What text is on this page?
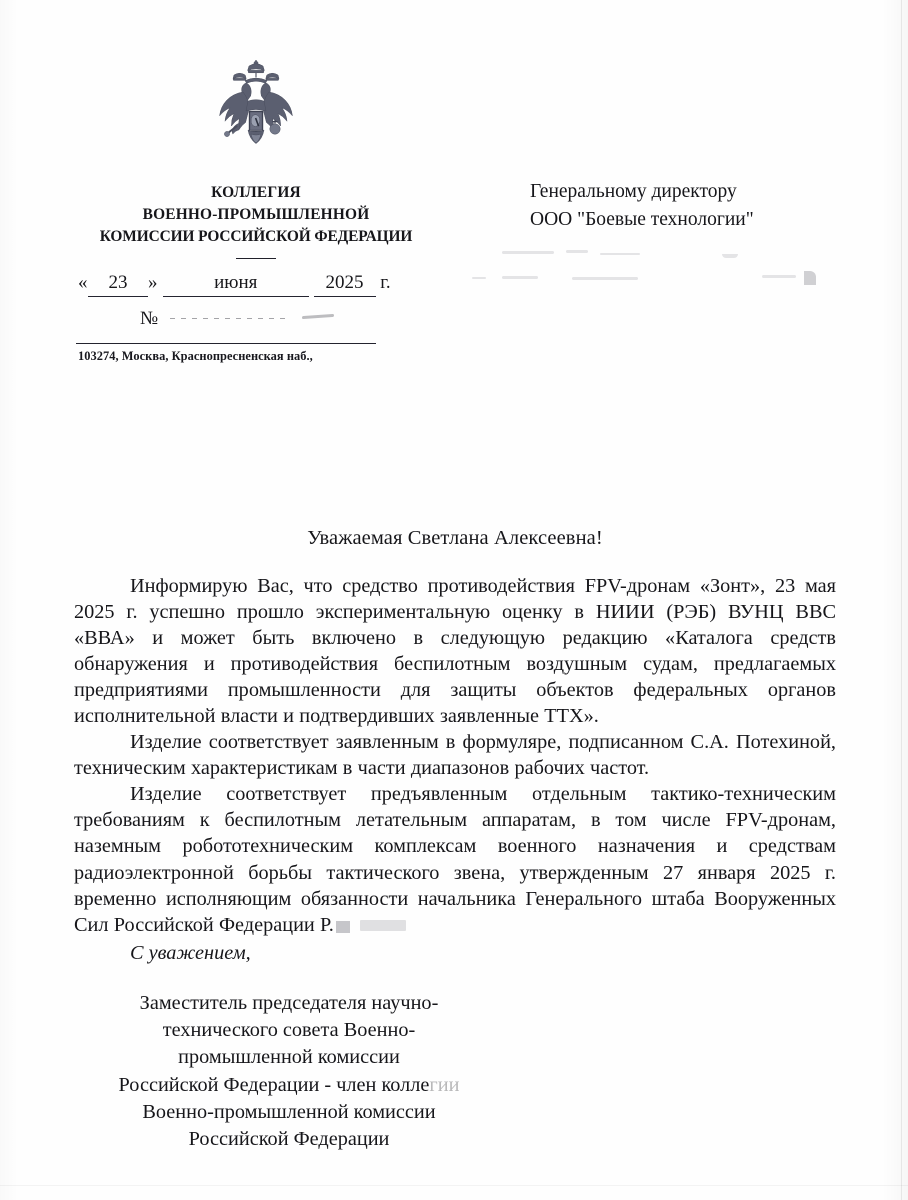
КОЛЛЕГИЯ
ВОЕННО-ПРОМЫШЛЕННОЙ
КОМИССИИ РОССИЙСКОЙ ФЕДЕРАЦИИ
« 23 »	июня	2025 г.
№
103274, Москва, Краснопресненская наб.,
Генеральному директору
ООО "Боевые технологии"
Уважаемая Светлана Алексеевна!

Информирую Вас, что средство противодействия FPV-дронам «Зонт», 23 мая 2025 г. успешно прошло экспериментальную оценку в НИИИ (РЭБ) ВУНЦ ВВС «ВВА» и может быть включено в следующую редакцию «Каталога средств обнаружения и противодействия беспилотным воздушным судам, предлагаемых предприятиями промышленности для защиты объектов федеральных органов исполнительной власти и подтвердивших заявленные ТТХ».

Изделие соответствует заявленным в формуляре, подписанном С.А. Потехиной, техническим характеристикам в части диапазонов рабочих частот.

Изделие соответствует предъявленным отдельным тактико-техническим требованиям к беспилотным летательным аппаратам, в том числе FPV-дронам, наземным робототехническим комплексам военного назначения и средствам радиоэлектронной борьбы тактического звена, утвержденным 27 января 2025 г. временно исполняющим обязанности начальника Генерального штаба Вооруженных Сил Российской Федерации Р.

С уважением,
Заместитель председателя научно-
технического совета Военно-
промышленной комиссии
Российской Федерации - член коллегии
Военно-промышленной комиссии
Российской Федерации
